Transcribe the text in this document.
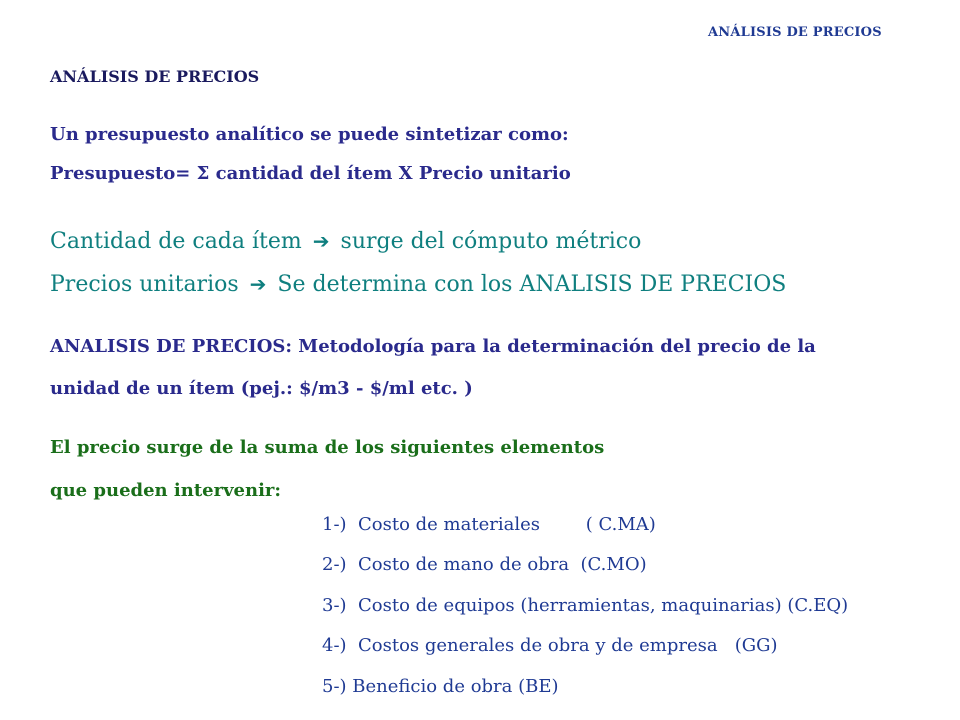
ANÁLISIS DE PRECIOS
ANÁLISIS DE PRECIOS
Un presupuesto analítico se puede sintetizar como:
Presupuesto= Σ cantidad del ítem X Precio unitario
Cantidad de cada ítem ➔ surge del cómputo métrico
Precios unitarios ➔ Se determina con los ANALISIS DE PRECIOS
ANALISIS DE PRECIOS: Metodología para la determinación del precio de la
unidad de un ítem (pej.: $/m3 - $/ml etc. )
El precio surge de la suma de los siguientes elementos
que pueden intervenir:
1-)  Costo de materiales        ( C.MA)
2-)  Costo de mano de obra  (C.MO)
3-)  Costo de equipos (herramientas, maquinarias) (C.EQ)
4-)  Costos generales de obra y de empresa   (GG)
5-) Beneficio de obra (BE)
